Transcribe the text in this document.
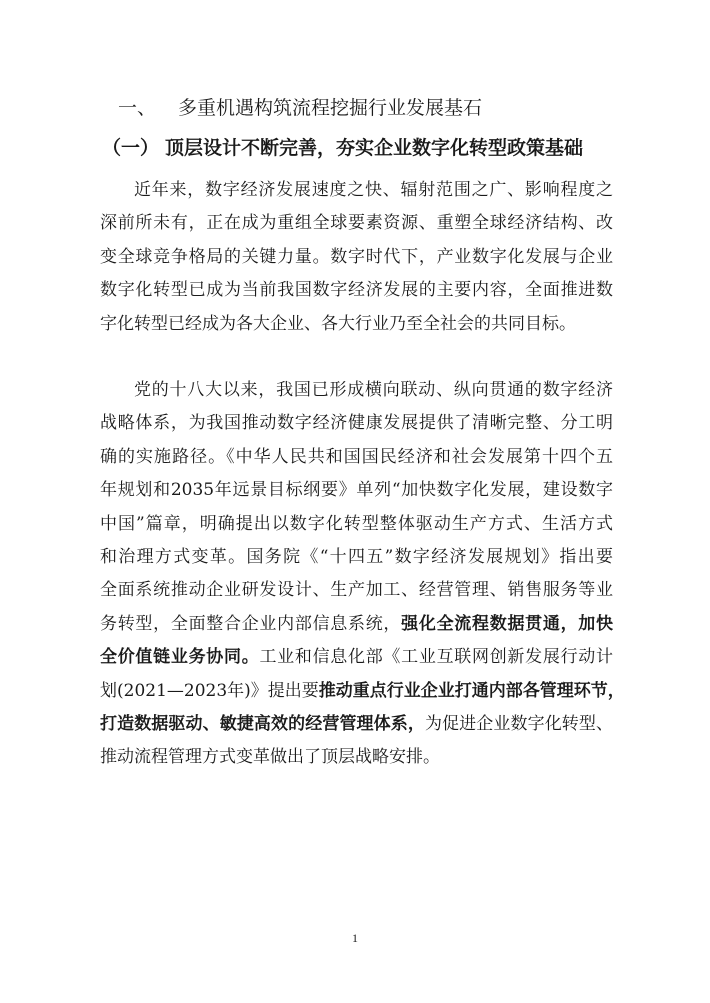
一、 多重机遇构筑流程挖掘行业发展基石
（一） 顶层设计不断完善，夯实企业数字化转型政策基础
近年来，数字经济发展速度之快、辐射范围之广、影响程度之
深前所未有，正在成为重组全球要素资源、重塑全球经济结构、改
变全球竞争格局的关键力量。数字时代下，产业数字化发展与企业
数字化转型已成为当前我国数字经济发展的主要内容，全面推进数
字化转型已经成为各大企业、各大行业乃至全社会的共同目标。
党的十八大以来，我国已形成横向联动、纵向贯通的数字经济
战略体系，为我国推动数字经济健康发展提供了清晰完整、分工明
确的实施路径。《中华人民共和国国民经济和社会发展第十四个五
年规划和2035年远景目标纲要》单列“加快数字化发展，建设数字
中国”篇章，明确提出以数字化转型整体驱动生产方式、生活方式
和治理方式变革。国务院《“十四五”数字经济发展规划》指出要
全面系统推动企业研发设计、生产加工、经营管理、销售服务等业
务转型，全面整合企业内部信息系统，强化全流程数据贯通，加快
全价值链业务协同。工业和信息化部《工业互联网创新发展行动计
划(2021—2023年)》提出要推动重点行业企业打通内部各管理环节，
打造数据驱动、敏捷高效的经营管理体系，为促进企业数字化转型、
推动流程管理方式变革做出了顶层战略安排。
1
